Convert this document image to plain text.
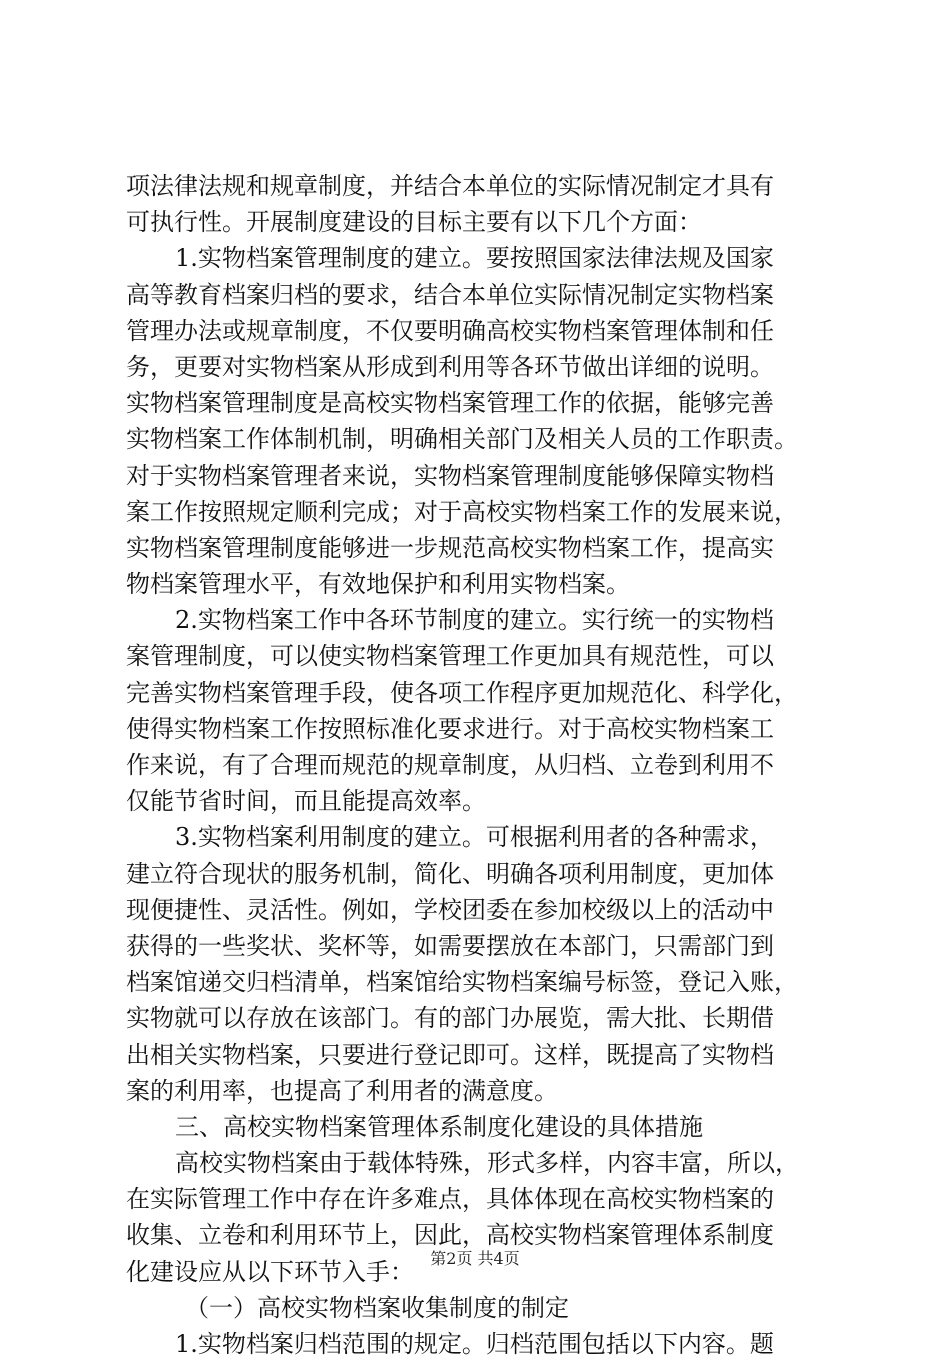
项法律法规和规章制度，并结合本单位的实际情况制定才具有
可执行性。开展制度建设的目标主要有以下几个方面：
1.实物档案管理制度的建立。要按照国家法律法规及国家
高等教育档案归档的要求，结合本单位实际情况制定实物档案
管理办法或规章制度，不仅要明确高校实物档案管理体制和任
务，更要对实物档案从形成到利用等各环节做出详细的说明。
实物档案管理制度是高校实物档案管理工作的依据，能够完善
实物档案工作体制机制，明确相关部门及相关人员的工作职责。
对于实物档案管理者来说，实物档案管理制度能够保障实物档
案工作按照规定顺利完成；对于高校实物档案工作的发展来说，
实物档案管理制度能够进一步规范高校实物档案工作，提高实
物档案管理水平，有效地保护和利用实物档案。
2.实物档案工作中各环节制度的建立。实行统一的实物档
案管理制度，可以使实物档案管理工作更加具有规范性，可以
完善实物档案管理手段，使各项工作程序更加规范化、科学化，
使得实物档案工作按照标准化要求进行。对于高校实物档案工
作来说，有了合理而规范的规章制度，从归档、立卷到利用不
仅能节省时间，而且能提高效率。
3.实物档案利用制度的建立。可根据利用者的各种需求，
建立符合现状的服务机制，简化、明确各项利用制度，更加体
现便捷性、灵活性。例如，学校团委在参加校级以上的活动中
获得的一些奖状、奖杯等，如需要摆放在本部门，只需部门到
档案馆递交归档清单，档案馆给实物档案编号标签，登记入账，
实物就可以存放在该部门。有的部门办展览，需大批、长期借
出相关实物档案，只要进行登记即可。这样，既提高了实物档
案的利用率，也提高了利用者的满意度。
三、高校实物档案管理体系制度化建设的具体措施
高校实物档案由于载体特殊，形式多样，内容丰富，所以，
在实际管理工作中存在许多难点，具体体现在高校实物档案的
收集、立卷和利用环节上，因此，高校实物档案管理体系制度
化建设应从以下环节入手：
（一）高校实物档案收集制度的制定
1.实物档案归档范围的规定。归档范围包括以下内容。题
第2页 共4页
